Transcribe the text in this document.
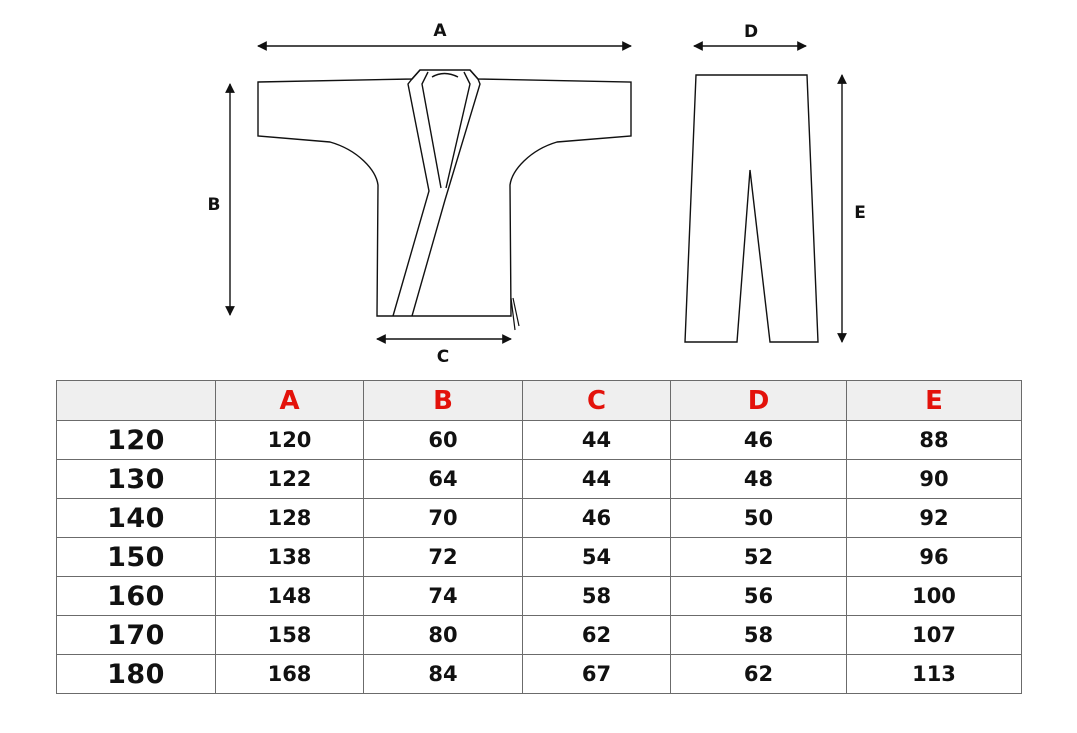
A
B
C
D
E
	A	B	C	D	E
120	120	60	44	46	88
130	122	64	44	48	90
140	128	70	46	50	92
150	138	72	54	52	96
160	148	74	58	56	100
170	158	80	62	58	107
180	168	84	67	62	113
